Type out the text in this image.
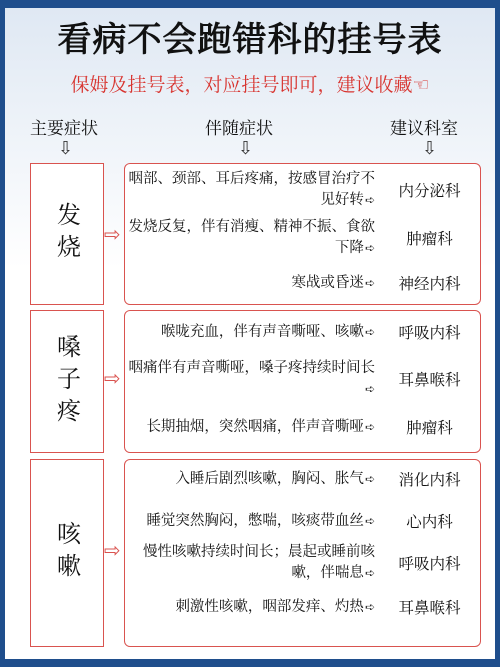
看病不会跑错科的挂号表
保姆及挂号表，对应挂号即可，建议收藏☜
主要症状	伴随症状	建议科室
⇩	⇩	⇩
发烧 ⇨
咽部、颈部、耳后疼痛，按感冒治疗不见好转➪	内分泌科
发烧反复，伴有消瘦、精神不振、食欲下降➪	肿瘤科
寒战或昏迷➪	神经内科
嗓子疼 ⇨
喉咙充血，伴有声音嘶哑、咳嗽➪	呼吸内科
咽痛伴有声音嘶哑，嗓子疼持续时间长➪	耳鼻喉科
长期抽烟，突然咽痛，伴声音嘶哑➪	肿瘤科
咳嗽 ⇨
入睡后剧烈咳嗽，胸闷、胀气➪	消化内科
睡觉突然胸闷，憋喘，咳痰带血丝➪	心内科
慢性咳嗽持续时间长；晨起或睡前咳嗽，伴喘息➪	呼吸内科
刺激性咳嗽，咽部发痒、灼热➪	耳鼻喉科
